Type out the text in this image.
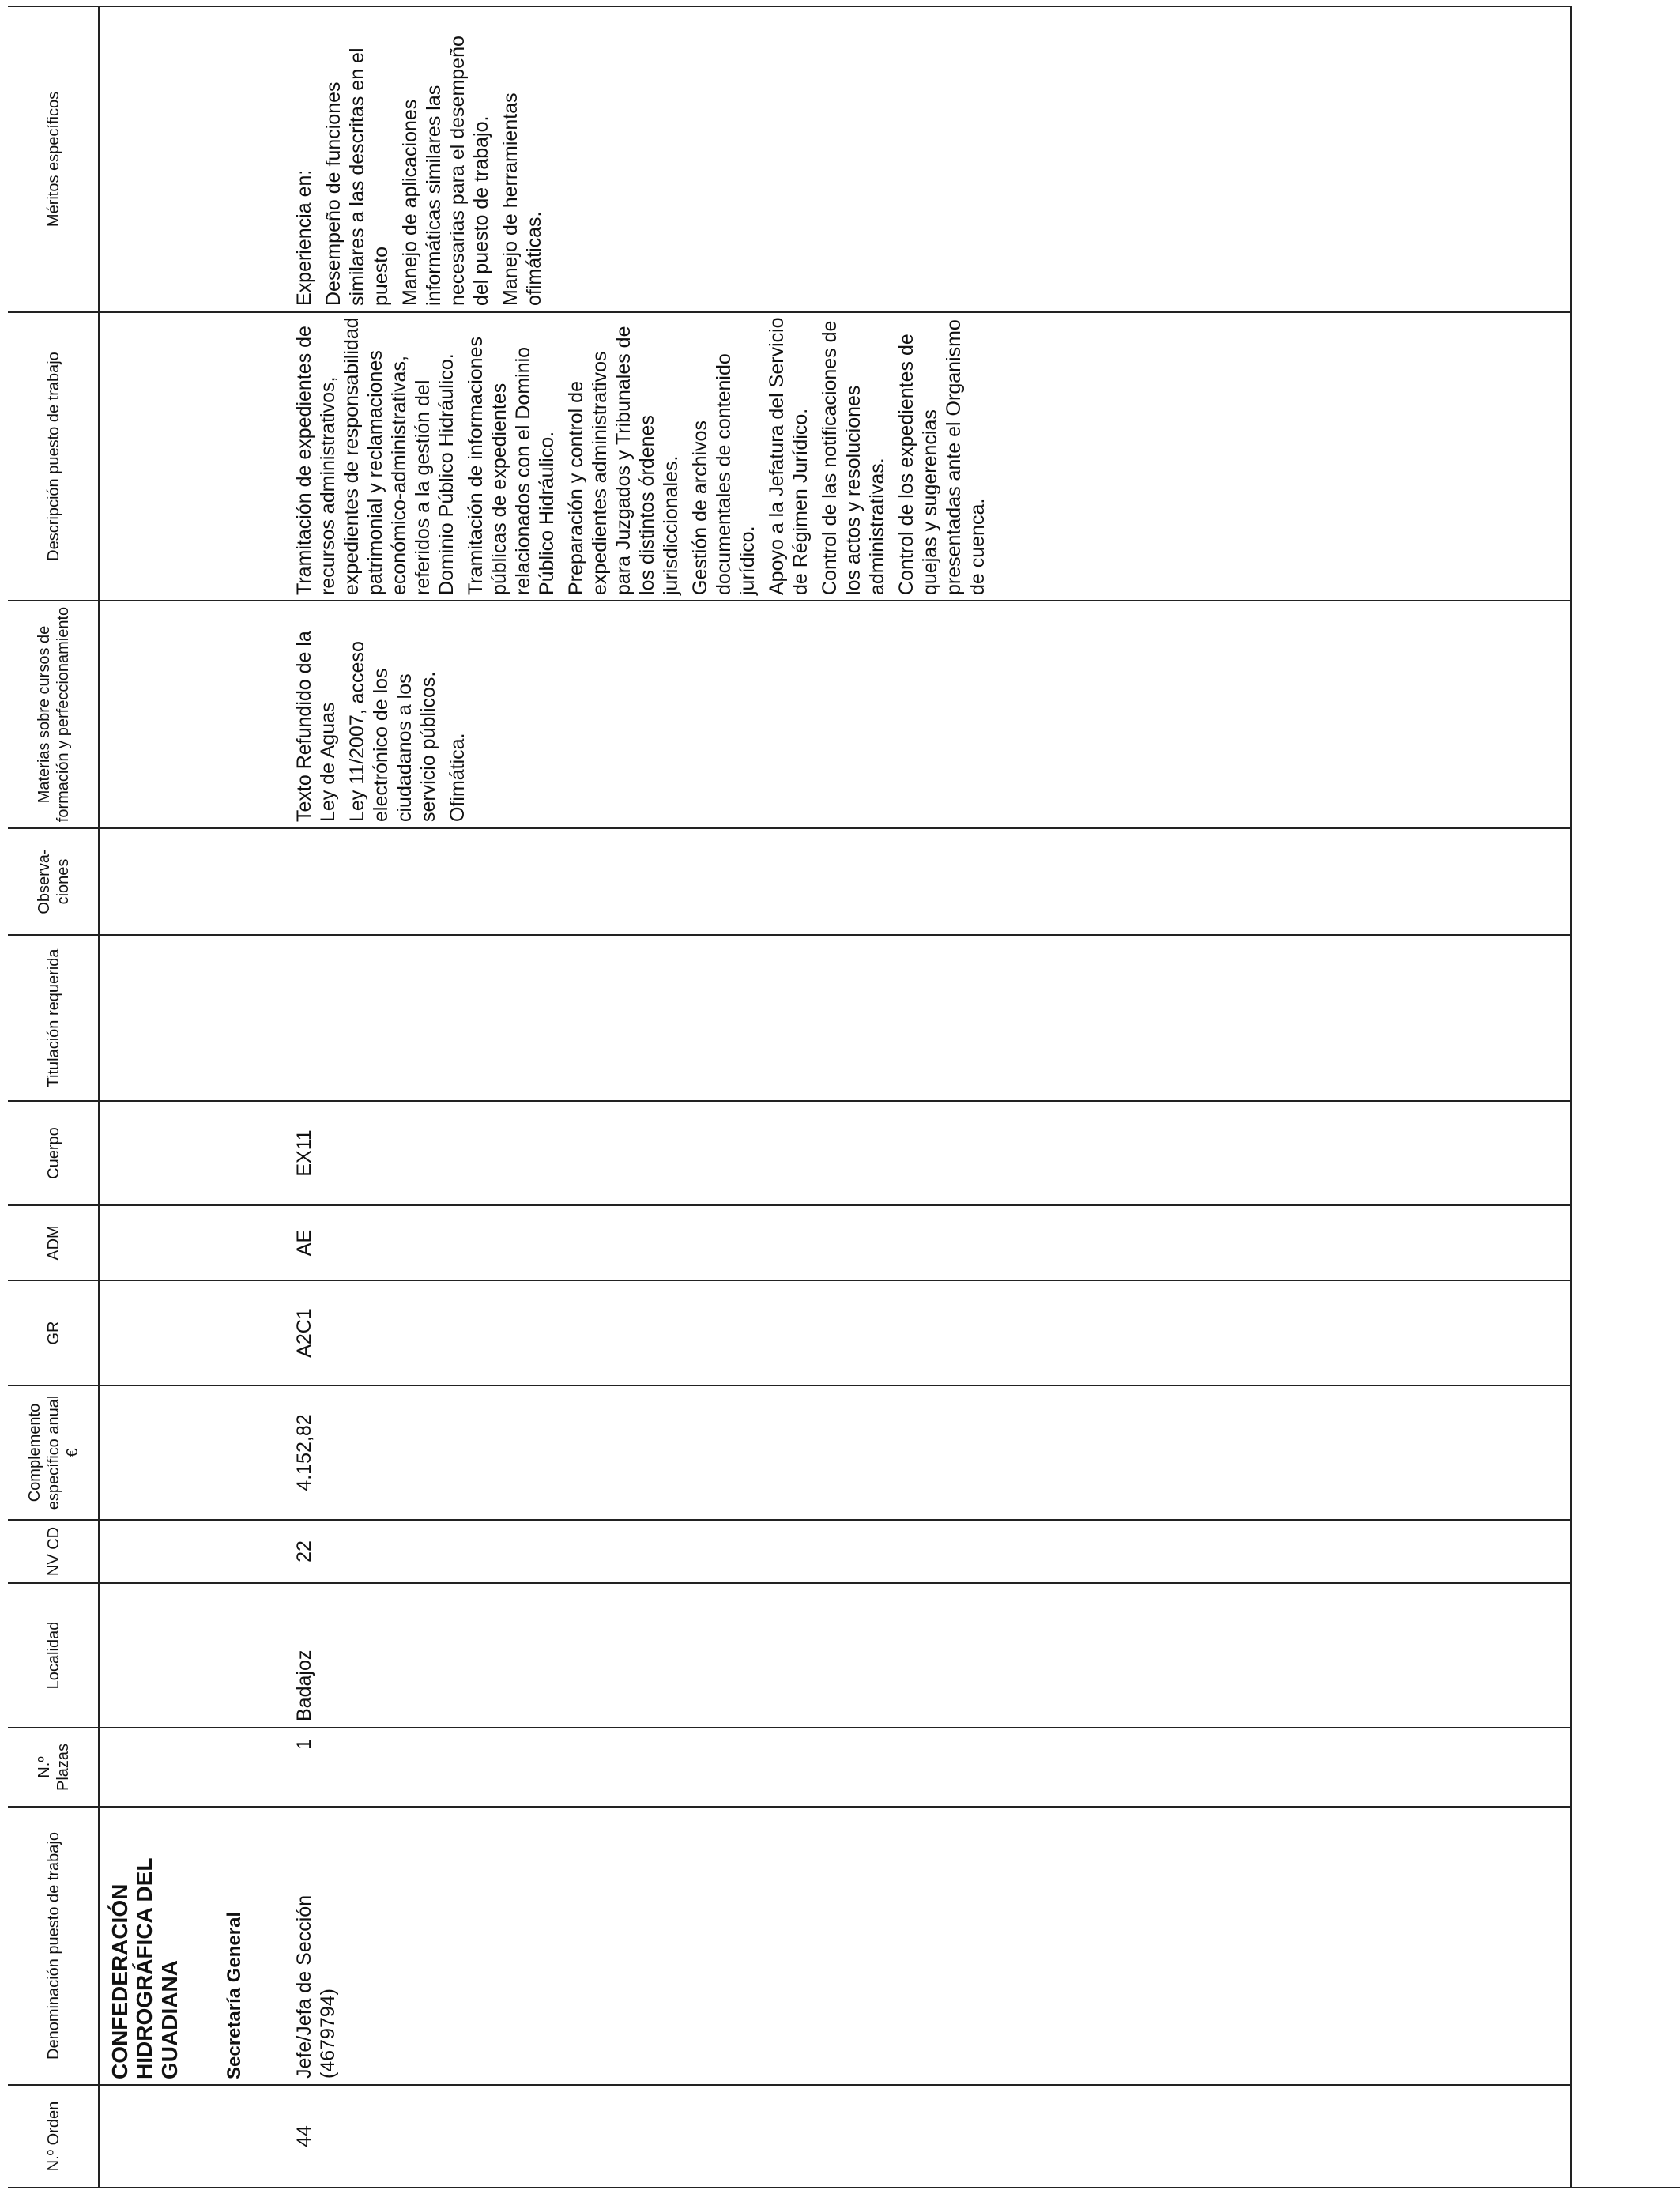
N.º Orden
Denominación puesto de trabajo
N.º Plazas
Localidad
NV CD
Complemento específico anual €
GR
ADM
Cuerpo
Titulación requerida
Observa- ciones
Materias sobre cursos de formación y perfeccionamiento
Descripción puesto de trabajo
Méritos específicos
CONFEDERACIÓN HIDROGRÁFICA DEL GUADIANA Secretaría General
44
Jefe/Jefa de Sección (4679794)
1
Badajoz
22
4.152,82
A2C1
AE
EX11

Texto Refundido de la Ley de Aguas Ley 11/2007, acceso electrónico de los ciudadanos a los servicio públicos. Ofimática.

Tramitación de expedientes de recursos administrativos, expedientes de responsabilidad patrimonial y reclamaciones económico-administrativas, referidos a la gestión del Dominio Público Hidráulico. Tramitación de informaciones públicas de expedientes relacionados con el Dominio Público Hidráulico. Preparación y control de expedientes administrativos para Juzgados y Tribunales de los distintos órdenes jurisdiccionales. Gestión de archivos documentales de contenido jurídico. Apoyo a la Jefatura del Servicio de Régimen Jurídico. Control de las notificaciones de los actos y resoluciones administrativas. Control de los expedientes de quejas y sugerencias presentadas ante el Organismo de cuenca.

Experiencia en: Desempeño de funciones similares a las descritas en el puesto Manejo de aplicaciones informáticas similares las necesarias para el desempeño del puesto de trabajo. Manejo de herramientas ofimáticas.
